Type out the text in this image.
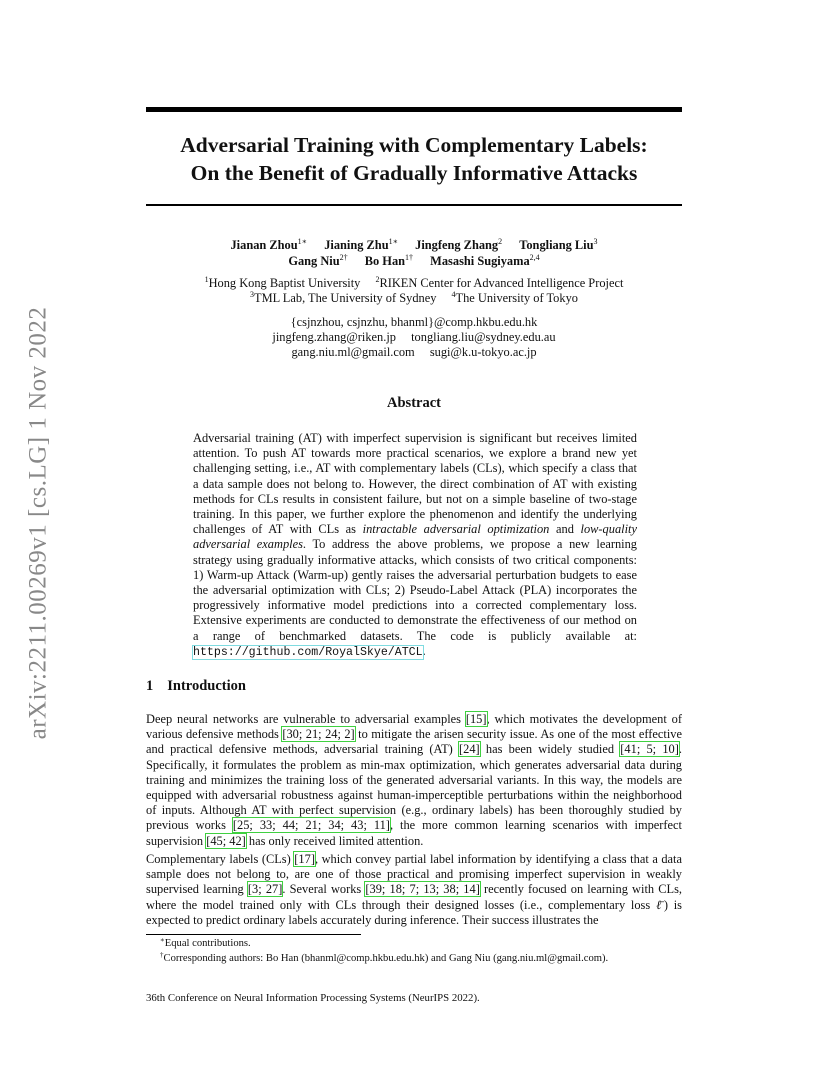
arXiv:2211.00269v1 [cs.LG] 1 Nov 2022
Adversarial Training with Complementary Labels:
On the Benefit of Gradually Informative Attacks
Jianan Zhou$^{1∗}$ Jianing Zhu$^{1∗}$ Jingfeng Zhang$^2$ Tongliang Liu$^3$
Gang Niu$^{2\dagger}$ Bo Han$^{1\dagger}$ Masashi Sugiyama$^{2,4}$
$^1$Hong Kong Baptist University $^2$RIKEN Center for Advanced Intelligence Project
$^3$TML Lab, The University of Sydney $^4$The University of Tokyo
{csjnzhou, csjnzhu, bhanml}@comp.hkbu.edu.hk
jingfeng.zhang@riken.jp tongliang.liu@sydney.edu.au
gang.niu.ml@gmail.com sugi@k.u-tokyo.ac.jp
Abstract
Adversarial training (AT) with imperfect supervision is significant but receives limited attention. To push AT towards more practical scenarios, we explore a brand new yet challenging setting, i.e., AT with complementary labels (CLs), which specify a class that a data sample does not belong to. However, the direct combination of AT with existing methods for CLs results in consistent failure, but not on a simple baseline of two-stage training. In this paper, we further explore the phenomenon and identify the underlying challenges of AT with CLs as intractable adversarial optimization and low-quality adversarial examples. To address the above problems, we propose a new learning strategy using gradually informative attacks, which consists of two critical components: 1) Warm-up Attack (Warm-up) gently raises the adversarial perturbation budgets to ease the adversarial optimization with CLs; 2) Pseudo-Label Attack (PLA) incorporates the progressively informative model predictions into a corrected complementary loss. Extensive experiments are conducted to demonstrate the effectiveness of our method on a range of benchmarked datasets. The code is publicly available at: https://github.com/RoyalSkye/ATCL.
1 Introduction
Deep neural networks are vulnerable to adversarial examples [15], which motivates the development of various defensive methods [30; 21; 24; 2] to mitigate the arisen security issue. As one of the most effective and practical defensive methods, adversarial training (AT) [24] has been widely studied [41; 5; 10]. Specifically, it formulates the problem as min-max optimization, which generates adversarial data during training and minimizes the training loss of the generated adversarial variants. In this way, the models are equipped with adversarial robustness against human-imperceptible perturbations within the neighborhood of inputs. Although AT with perfect supervision (e.g., ordinary labels) has been thoroughly studied by previous works [25; 33; 44; 21; 34; 43; 11], the more common learning scenarios with imperfect supervision [45; 42] has only received limited attention.
Complementary labels (CLs) [17], which convey partial label information by identifying a class that a data sample does not belong to, are one of those practical and promising imperfect supervision in weakly supervised learning [3; 27]. Several works [39; 18; 7; 13; 38; 14] recently focused on learning with CLs, where the model trained only with CLs through their designed losses (i.e., complementary loss ℓ̄) is expected to predict ordinary labels accurately during inference. Their success illustrates the
∗Equal contributions.
†Corresponding authors: Bo Han (bhanml@comp.hkbu.edu.hk) and Gang Niu (gang.niu.ml@gmail.com).
36th Conference on Neural Information Processing Systems (NeurIPS 2022).
